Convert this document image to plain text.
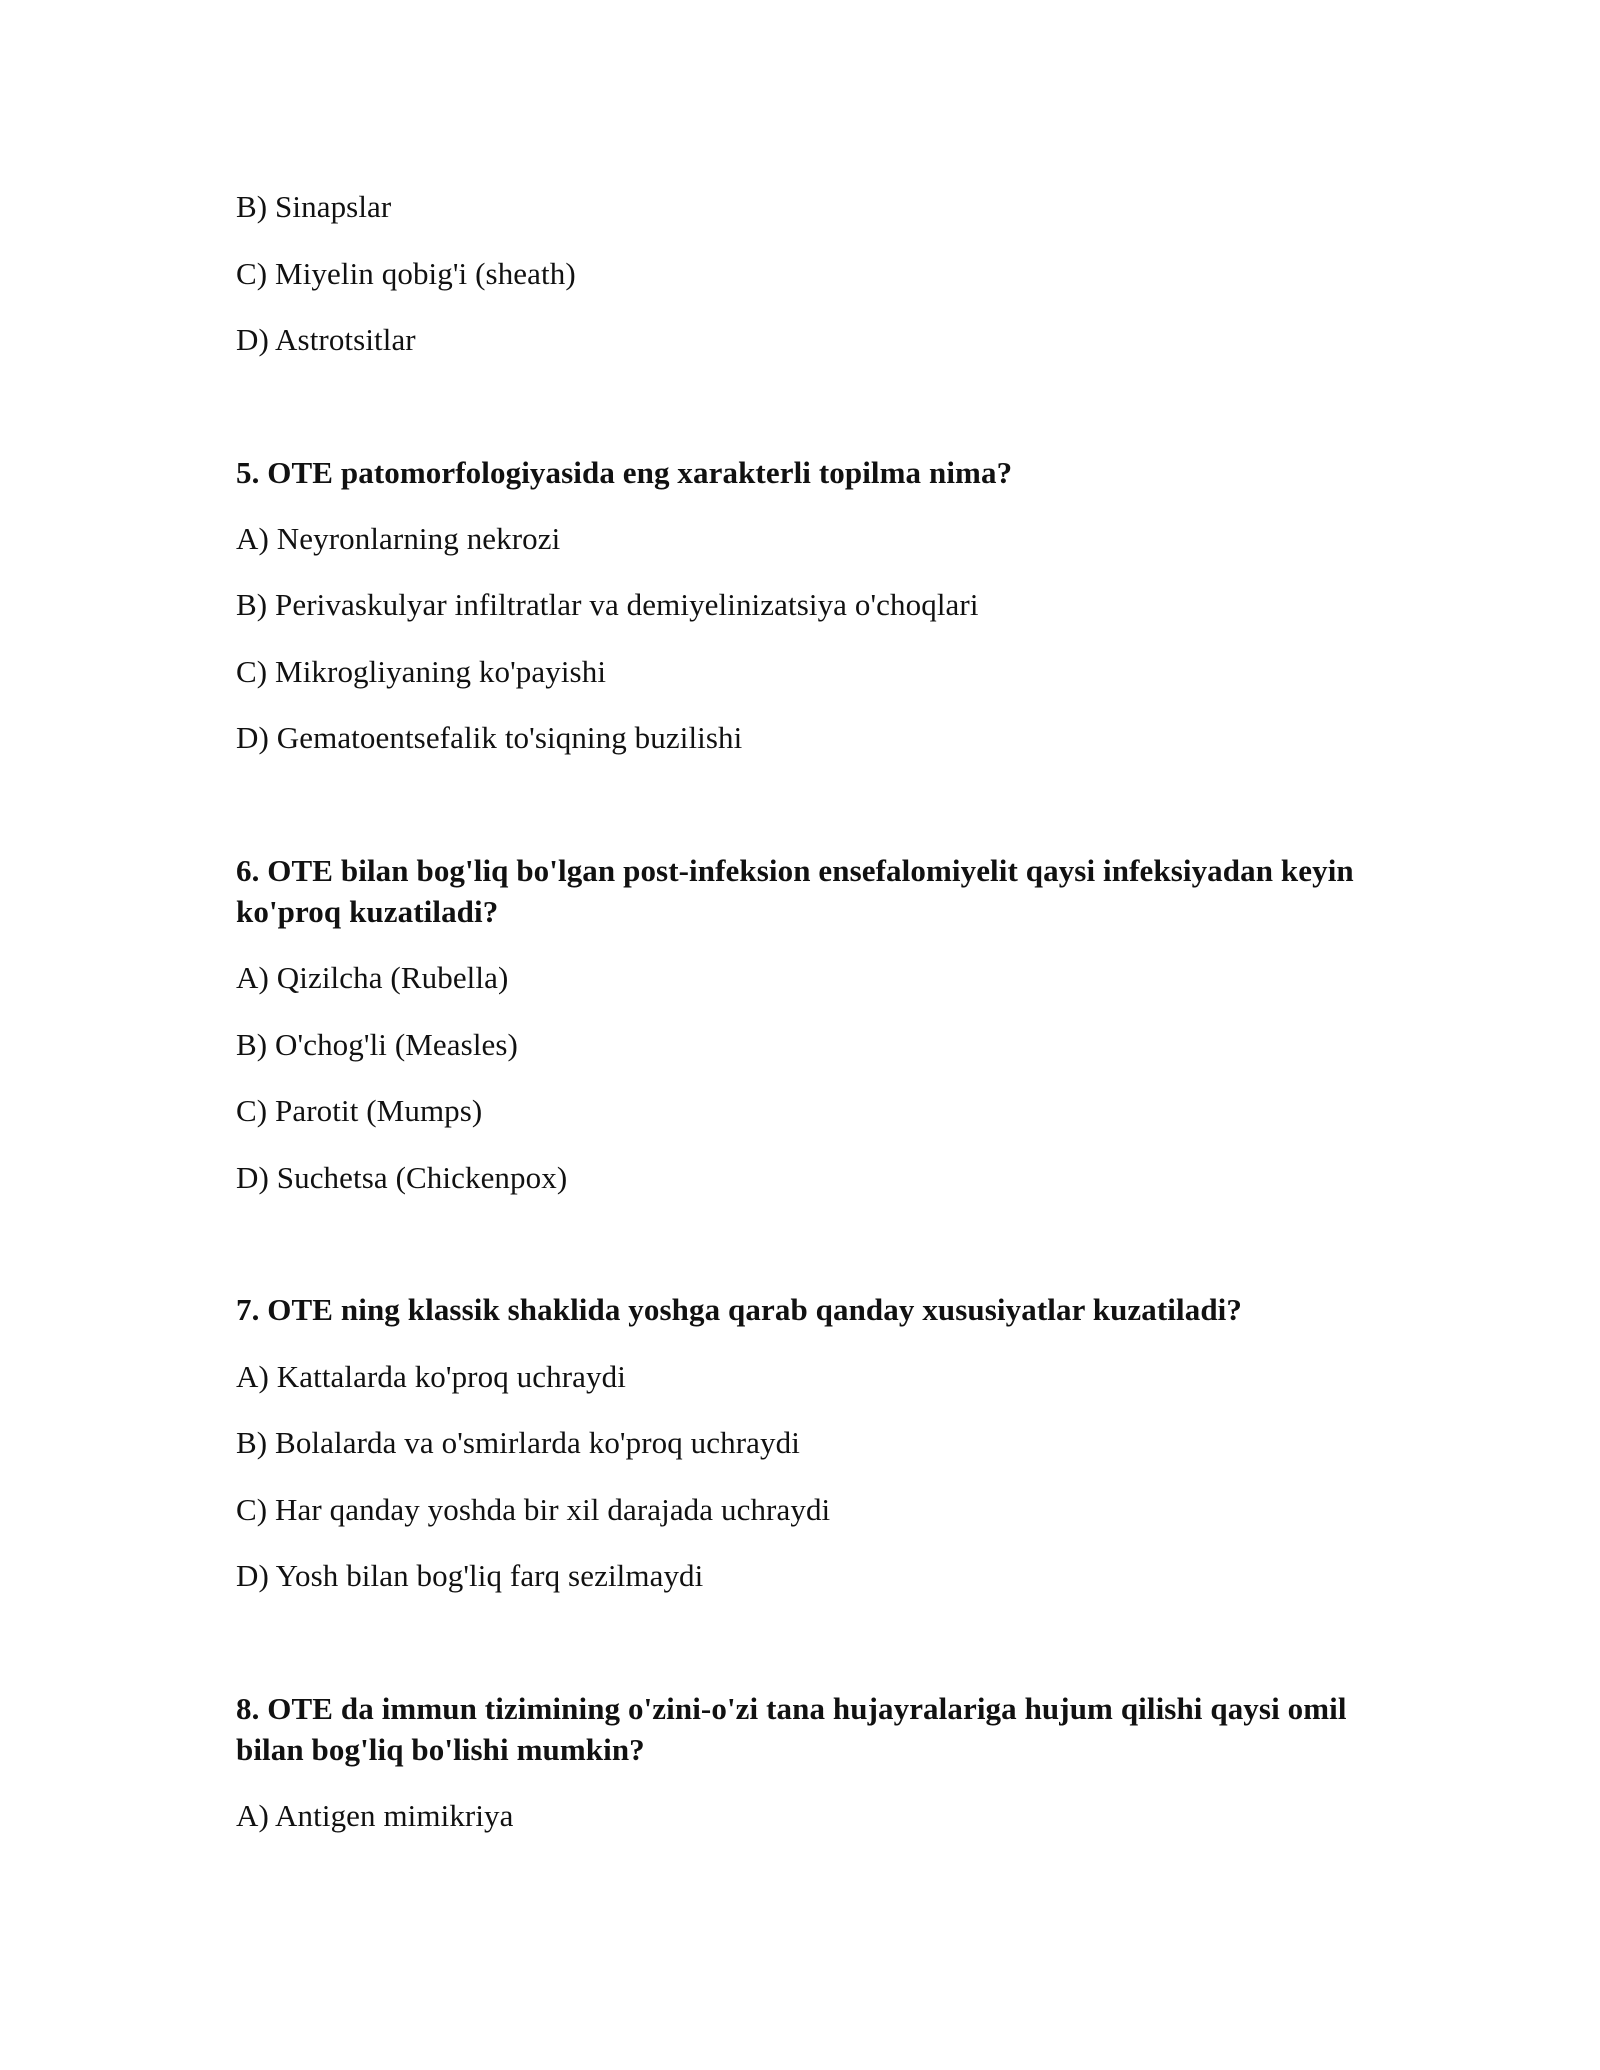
B) Sinapslar
C) Miyelin qobig'i (sheath)
D) Astrotsitlar
5. OTE patomorfologiyasida eng xarakterli topilma nima?
A) Neyronlarning nekrozi
B) Perivaskulyar infiltratlar va demiyelinizatsiya o'choqlari
C) Mikrogliyaning ko'payishi
D) Gematoentsefalik to'siqning buzilishi
6. OTE bilan bog'liq bo'lgan post-infeksion ensefalomiyelit qaysi infeksiyadan keyin
ko'proq kuzatiladi?
A) Qizilcha (Rubella)
B) O'chog'li (Measles)
C) Parotit (Mumps)
D) Suchetsa (Chickenpox)
7. OTE ning klassik shaklida yoshga qarab qanday xususiyatlar kuzatiladi?
A) Kattalarda ko'proq uchraydi
B) Bolalarda va o'smirlarda ko'proq uchraydi
C) Har qanday yoshda bir xil darajada uchraydi
D) Yosh bilan bog'liq farq sezilmaydi
8. OTE da immun tizimining o'zini-o'zi tana hujayralariga hujum qilishi qaysi omil
bilan bog'liq bo'lishi mumkin?
A) Antigen mimikriya
